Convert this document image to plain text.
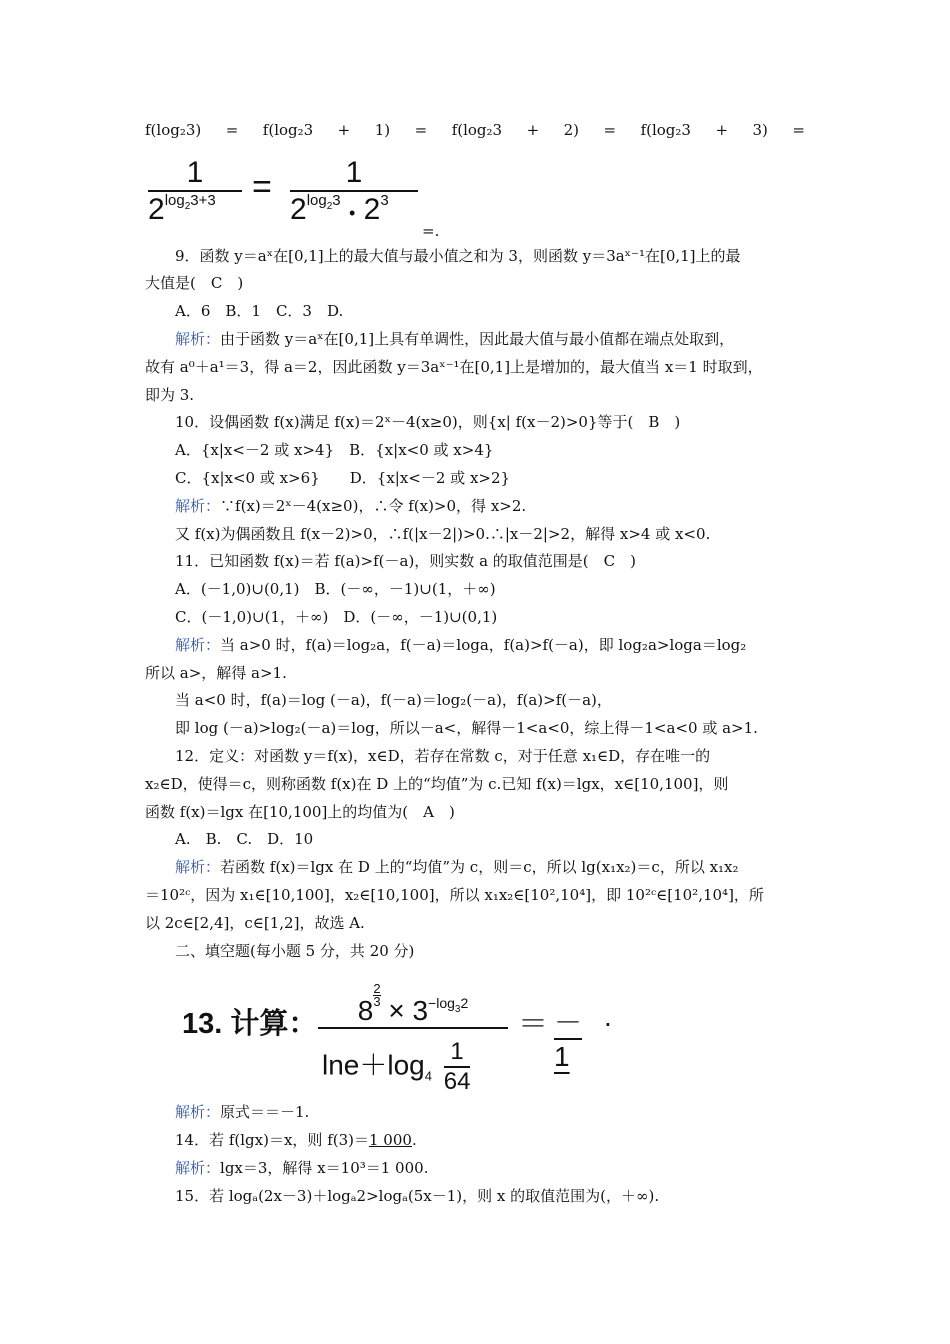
f(log₂3) = f(log₂3 + 1) = f(log₂3 + 2) = f(log₂3 + 3) =
1
$2^{log_23+3}$	=	1
$2^{log_23}$ • $2^3$
=.
9．函数 y＝aˣ在[0,1]上的最大值与最小值之和为 3，则函数 y＝3aˣ⁻¹在[0,1]上的最
大值是(　C　)
A．6　B．1　C．3　D.
解析：由于函数 y＝aˣ在[0,1]上具有单调性，因此最大值与最小值都在端点处取到，
故有 a⁰＋a¹＝3，得 a＝2，因此函数 y＝3aˣ⁻¹在[0,1]上是增加的，最大值当 x＝1 时取到，
即为 3.
10．设偶函数 f(x)满足 f(x)＝2ˣ－4(x≥0)，则{x| f(x－2)>0}等于(　B　)
A．{x|x<－2 或 x>4}　B．{x|x<0 或 x>4}
C．{x|x<0 或 x>6}　　D．{x|x<－2 或 x>2}
解析：∵f(x)＝2ˣ－4(x≥0)，∴令 f(x)>0，得 x>2.
又 f(x)为偶函数且 f(x－2)>0，∴f(|x－2|)>0.∴|x－2|>2，解得 x>4 或 x<0.
11．已知函数 f(x)＝若 f(a)>f(－a)，则实数 a 的取值范围是(　C　)
A．(－1,0)∪(0,1)　B．(－∞，－1)∪(1，＋∞)
C．(－1,0)∪(1，＋∞)　D．(－∞，－1)∪(0,1)
解析：当 a>0 时，f(a)＝log₂a，f(－a)＝loga，f(a)>f(－a)，即 log₂a>loga＝log₂
所以 a>，解得 a>1.
当 a<0 时，f(a)＝log (－a)，f(－a)＝log₂(－a)，f(a)>f(－a)，
即 log (－a)>log₂(－a)＝log，所以－a<，解得－1<a<0，综上得－1<a<0 或 a>1.
12．定义：对函数 y＝f(x)，x∈D，若存在常数 c，对于任意 x₁∈D，存在唯一的
x₂∈D，使得＝c，则称函数 f(x)在 D 上的“均值”为 c.已知 f(x)＝lgx，x∈[10,100]，则
函数 f(x)＝lgx 在[10,100]上的均值为(　A　)
A.　B.　C.　D．10
解析：若函数 f(x)＝lgx 在 D 上的“均值”为 c，则＝c，所以 lg(x₁x₂)＝c，所以 x₁x₂
＝10²ᶜ，因为 x₁∈[10,100]，x₂∈[10,100]，所以 x₁x₂∈[10²,10⁴]，即 10²ᶜ∈[10²,10⁴]，所
以 2c∈[2,4]，c∈[1,2]，故选 A.
二、填空题(每小题 5 分，共 20 分)
13. 计算：	$8 \frac{2}{3} \times 3^{-log_32}$
$\ln e+\log_4 \frac{1}{64}$
＝ －1
.
解析：原式＝＝－1.
14．若 f(lgx)＝x，则 f(3)＝1 000.
解析：lgx＝3，解得 x＝10³＝1 000.
15．若 logₐ(2x－3)＋logₐ2>logₐ(5x－1)，则 x 的取值范围为(，＋∞).
